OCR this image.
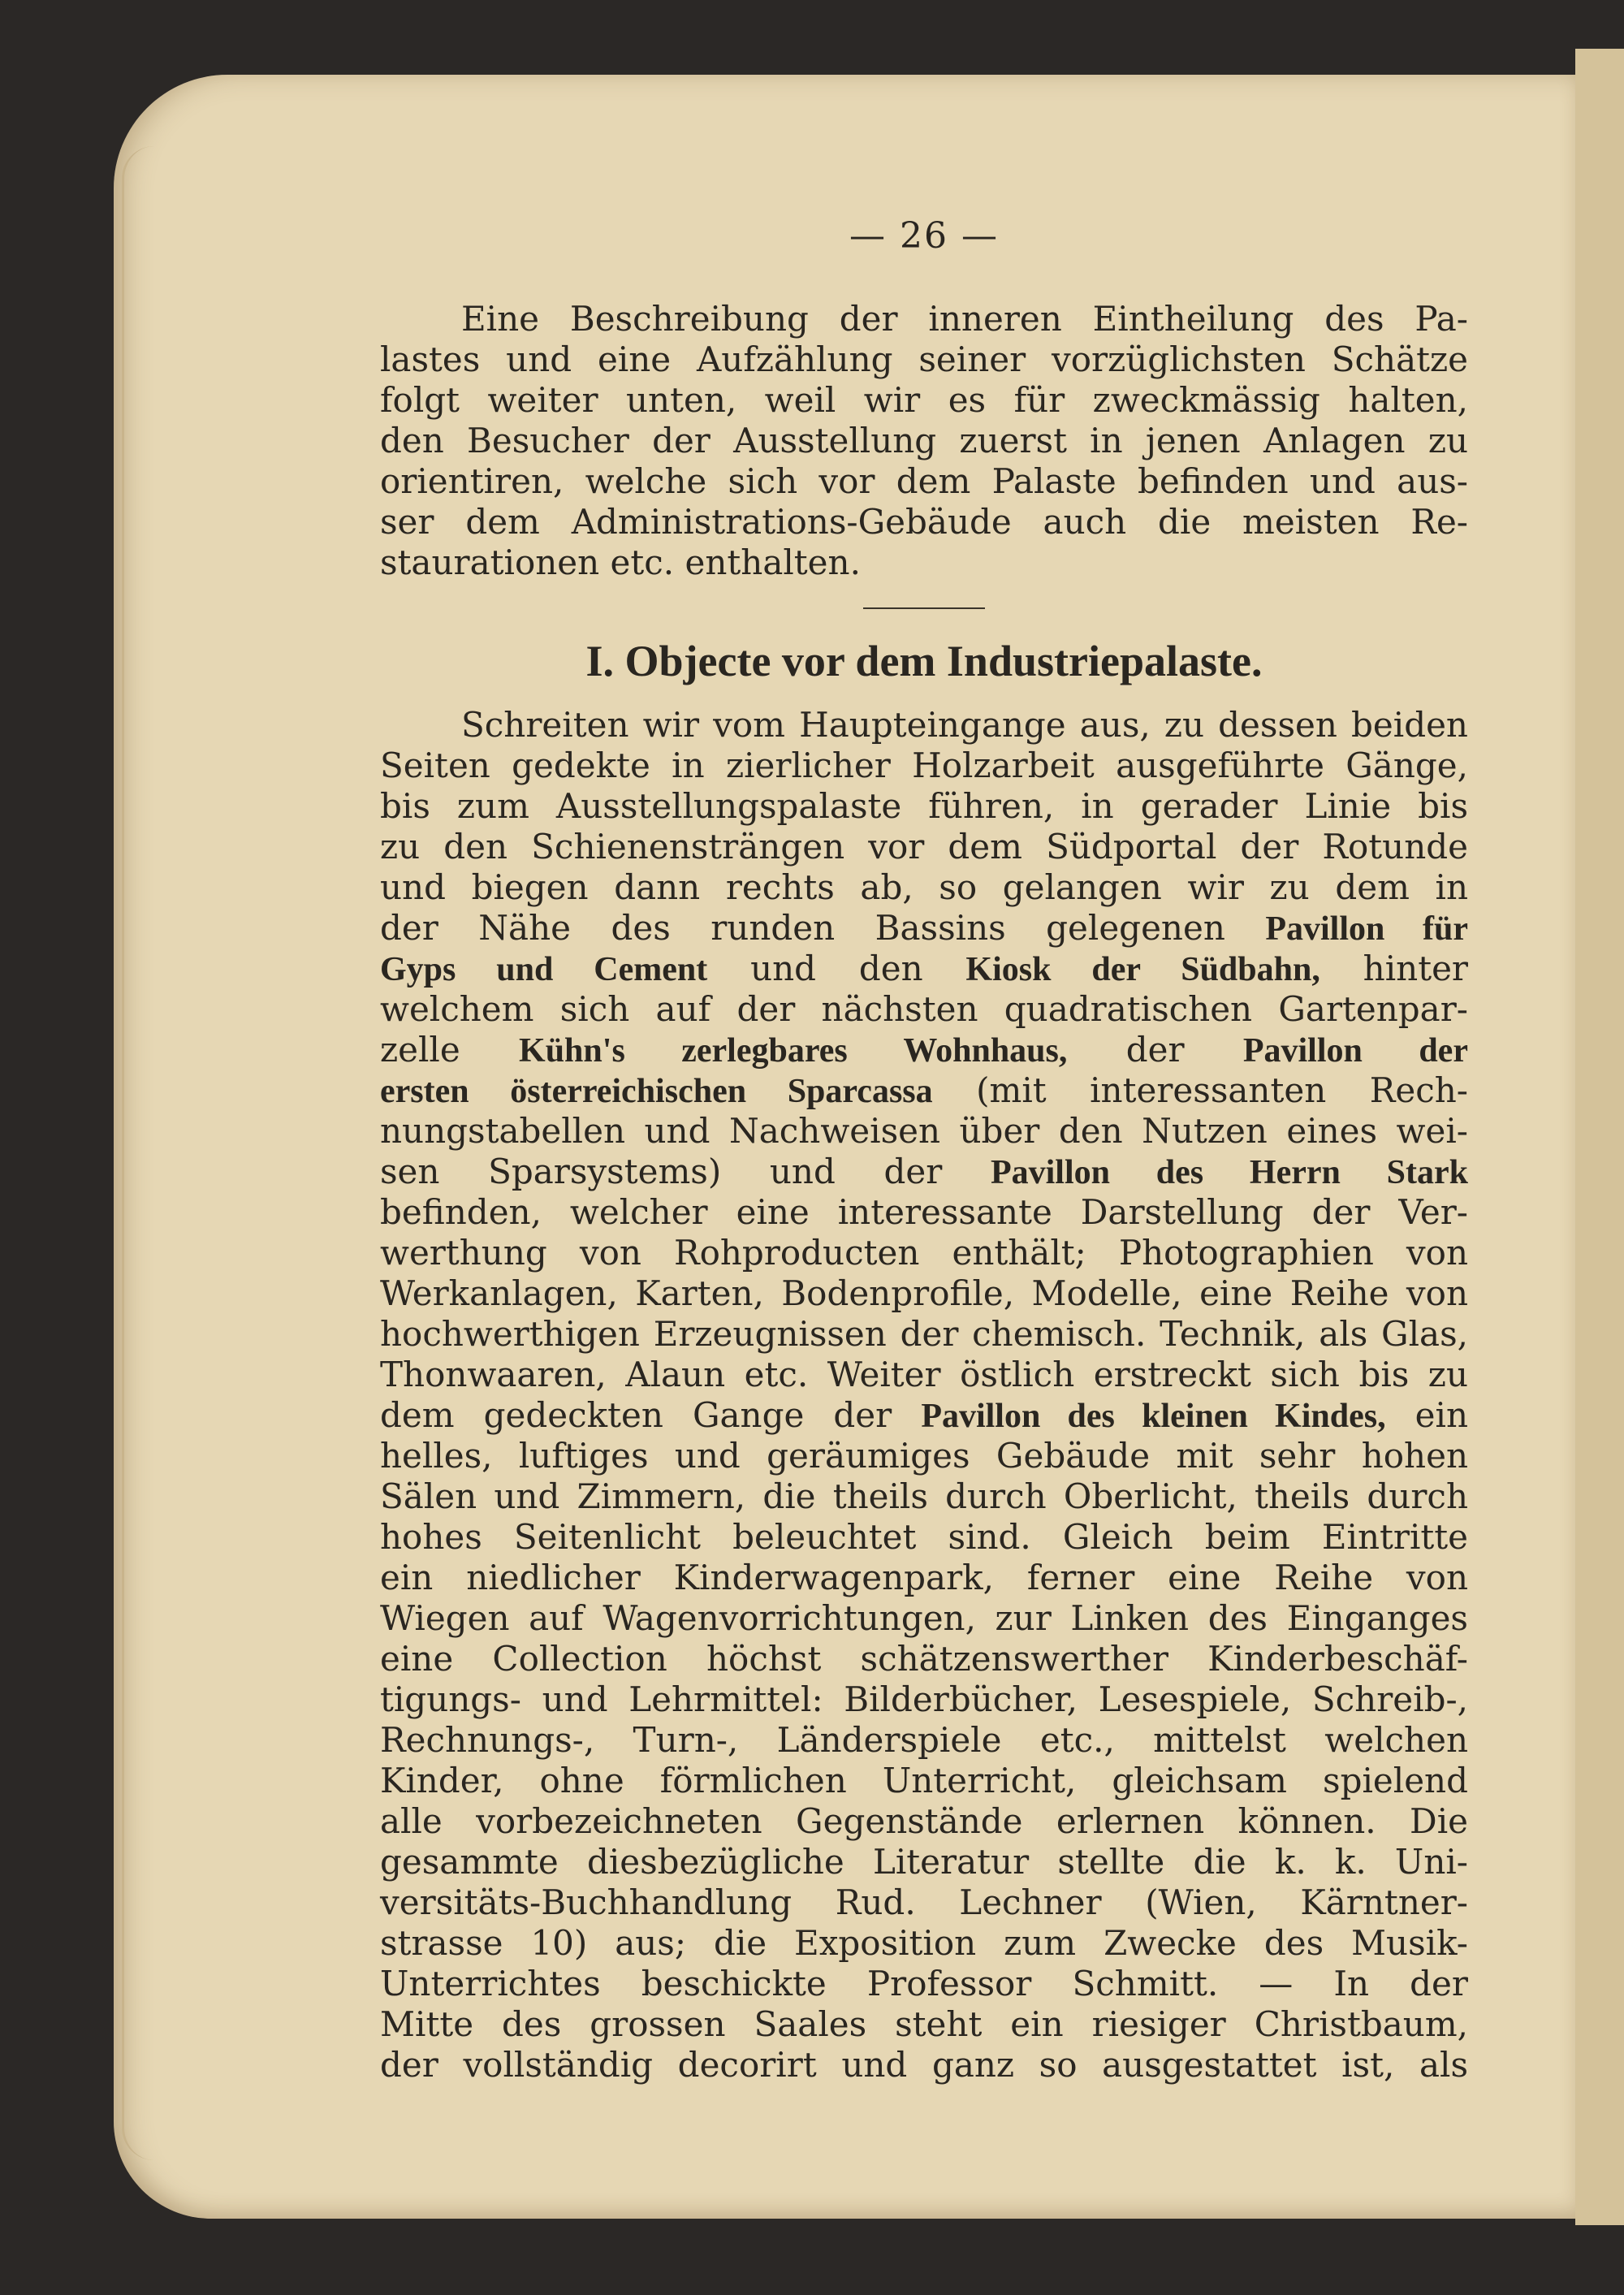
— 26 —
Eine Beschreibung der inneren Eintheilung des Pa-
lastes und eine Aufzählung seiner vorzüglichsten Schätze
folgt weiter unten, weil wir es für zweckmässig halten,
den Besucher der Ausstellung zuerst in jenen Anlagen zu
orientiren, welche sich vor dem Palaste befinden und aus-
ser dem Administrations-Gebäude auch die meisten Re-
staurationen etc. enthalten.
I. Objecte vor dem Industriepalaste.
Schreiten wir vom Haupteingange aus, zu dessen beiden
Seiten gedekte in zierlicher Holzarbeit ausgeführte Gänge,
bis zum Ausstellungspalaste führen, in gerader Linie bis
zu den Schienensträngen vor dem Südportal der Rotunde
und biegen dann rechts ab, so gelangen wir zu dem in
der Nähe des runden Bassins gelegenen Pavillon für
Gyps und Cement und den Kiosk der Südbahn, hinter
welchem sich auf der nächsten quadratischen Gartenpar-
zelle Kühn's zerlegbares Wohnhaus, der Pavillon der
ersten österreichischen Sparcassa (mit interessanten Rech-
nungstabellen und Nachweisen über den Nutzen eines wei-
sen Sparsystems) und der Pavillon des Herrn Stark
befinden, welcher eine interessante Darstellung der Ver-
werthung von Rohproducten enthält; Photographien von
Werkanlagen, Karten, Bodenprofile, Modelle, eine Reihe von
hochwerthigen Erzeugnissen der chemisch. Technik, als Glas,
Thonwaaren, Alaun etc. Weiter östlich erstreckt sich bis zu
dem gedeckten Gange der Pavillon des kleinen Kindes, ein
helles, luftiges und geräumiges Gebäude mit sehr hohen
Sälen und Zimmern, die theils durch Oberlicht, theils durch
hohes Seitenlicht beleuchtet sind. Gleich beim Eintritte
ein niedlicher Kinderwagenpark, ferner eine Reihe von
Wiegen auf Wagenvorrichtungen, zur Linken des Einganges
eine Collection höchst schätzenswerther Kinderbeschäf-
tigungs- und Lehrmittel: Bilderbücher, Lesespiele, Schreib-,
Rechnungs-, Turn-, Länderspiele etc., mittelst welchen
Kinder, ohne förmlichen Unterricht, gleichsam spielend
alle vorbezeichneten Gegenstände erlernen können. Die
gesammte diesbezügliche Literatur stellte die k. k. Uni-
versitäts-Buchhandlung Rud. Lechner (Wien, Kärntner-
strasse 10) aus; die Exposition zum Zwecke des Musik-
Unterrichtes beschickte Professor Schmitt. — In der
Mitte des grossen Saales steht ein riesiger Christbaum,
der vollständig decorirt und ganz so ausgestattet ist, als
